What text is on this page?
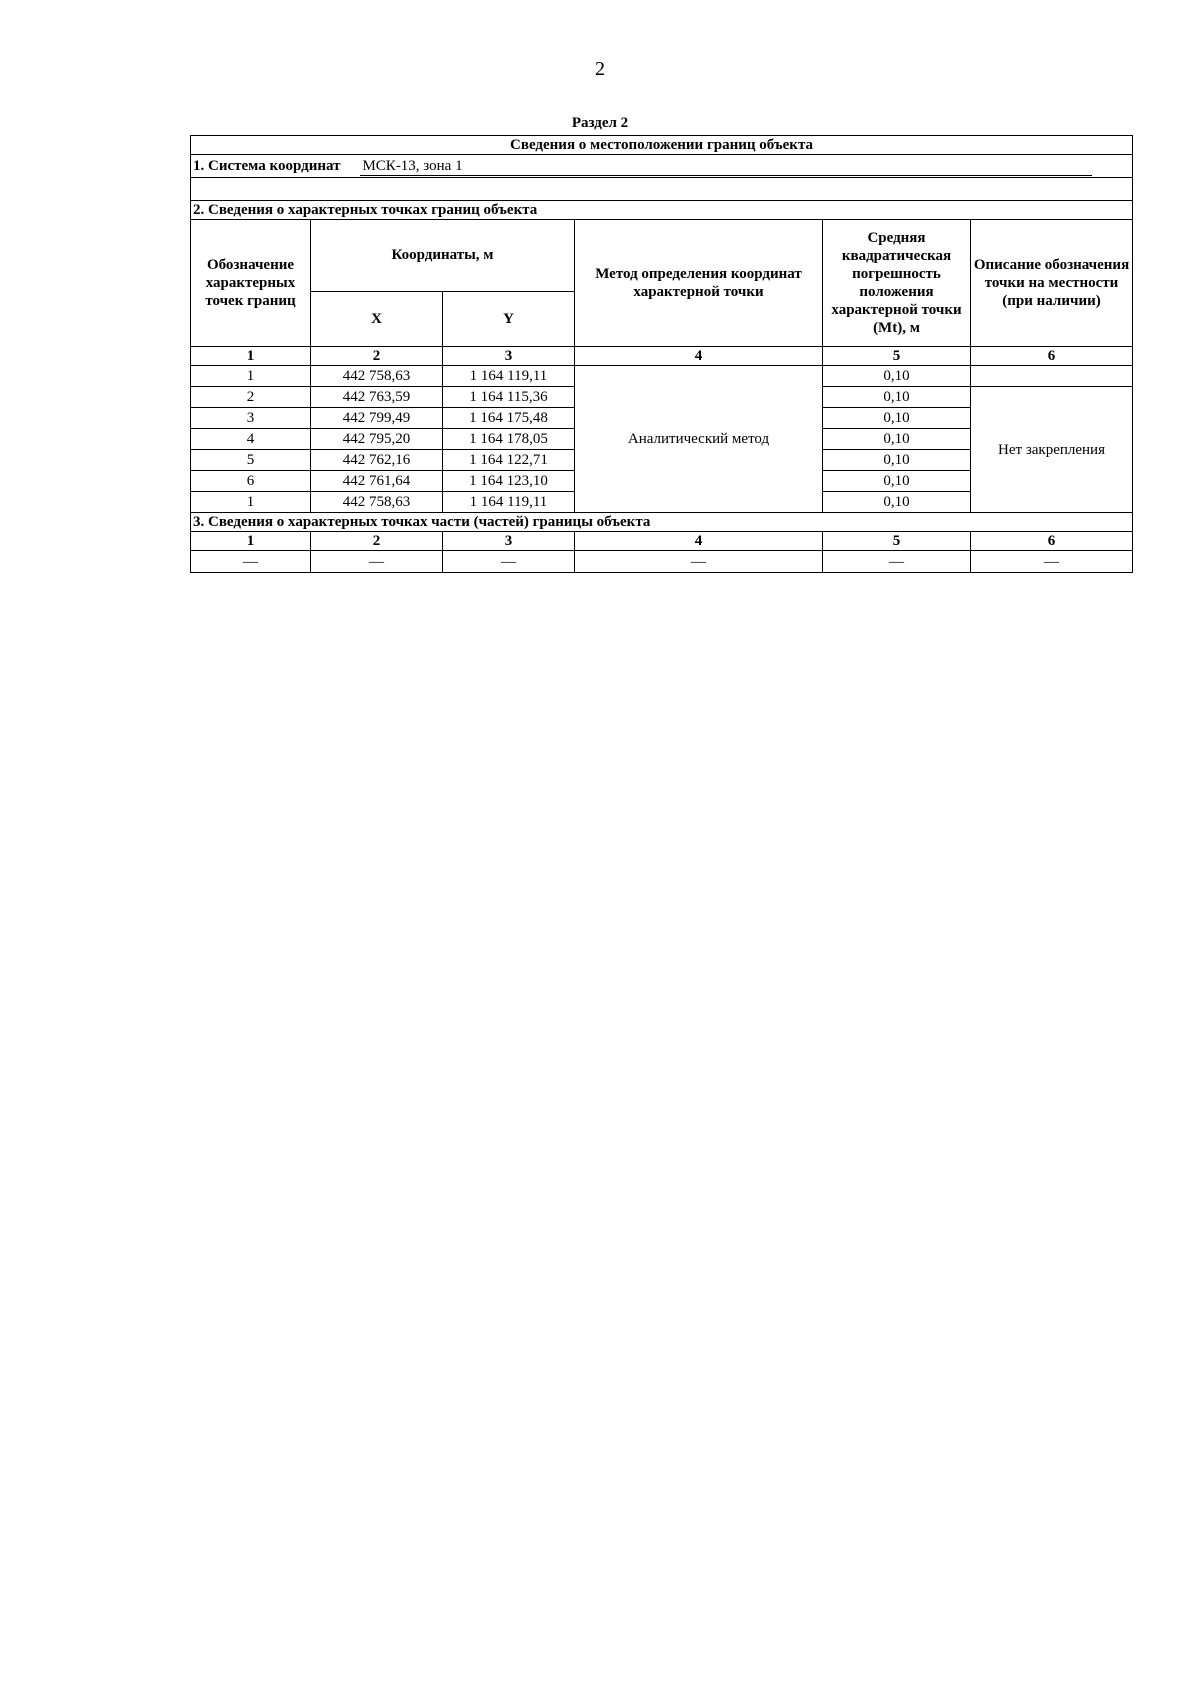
2
Раздел 2
Сведения о местоположении границ объекта					
1. Система координат МСК-13, зона 1					

2. Сведения о характерных точках границ объекта					
Обозначение характерных точек границ	Координаты, м		Метод определения координат характерной точки	Средняя квадратическая погрешность положения характерной точки (Mt), м	Описание обозначения точки на местности (при наличии)
	X	Y			
1	2	3	4	5	6
1	442 758,63	1 164 119,11	Аналитический метод	0,10	
2	442 763,59	1 164 115,36		0,10	Нет закрепления
3	442 799,49	1 164 175,48		0,10	
4	442 795,20	1 164 178,05		0,10	
5	442 762,16	1 164 122,71		0,10	
6	442 761,64	1 164 123,10		0,10	
1	442 758,63	1 164 119,11		0,10	
3. Сведения о характерных точках части (частей) границы объекта					
1	2	3	4	5	6
—	—	—	—	—	—
